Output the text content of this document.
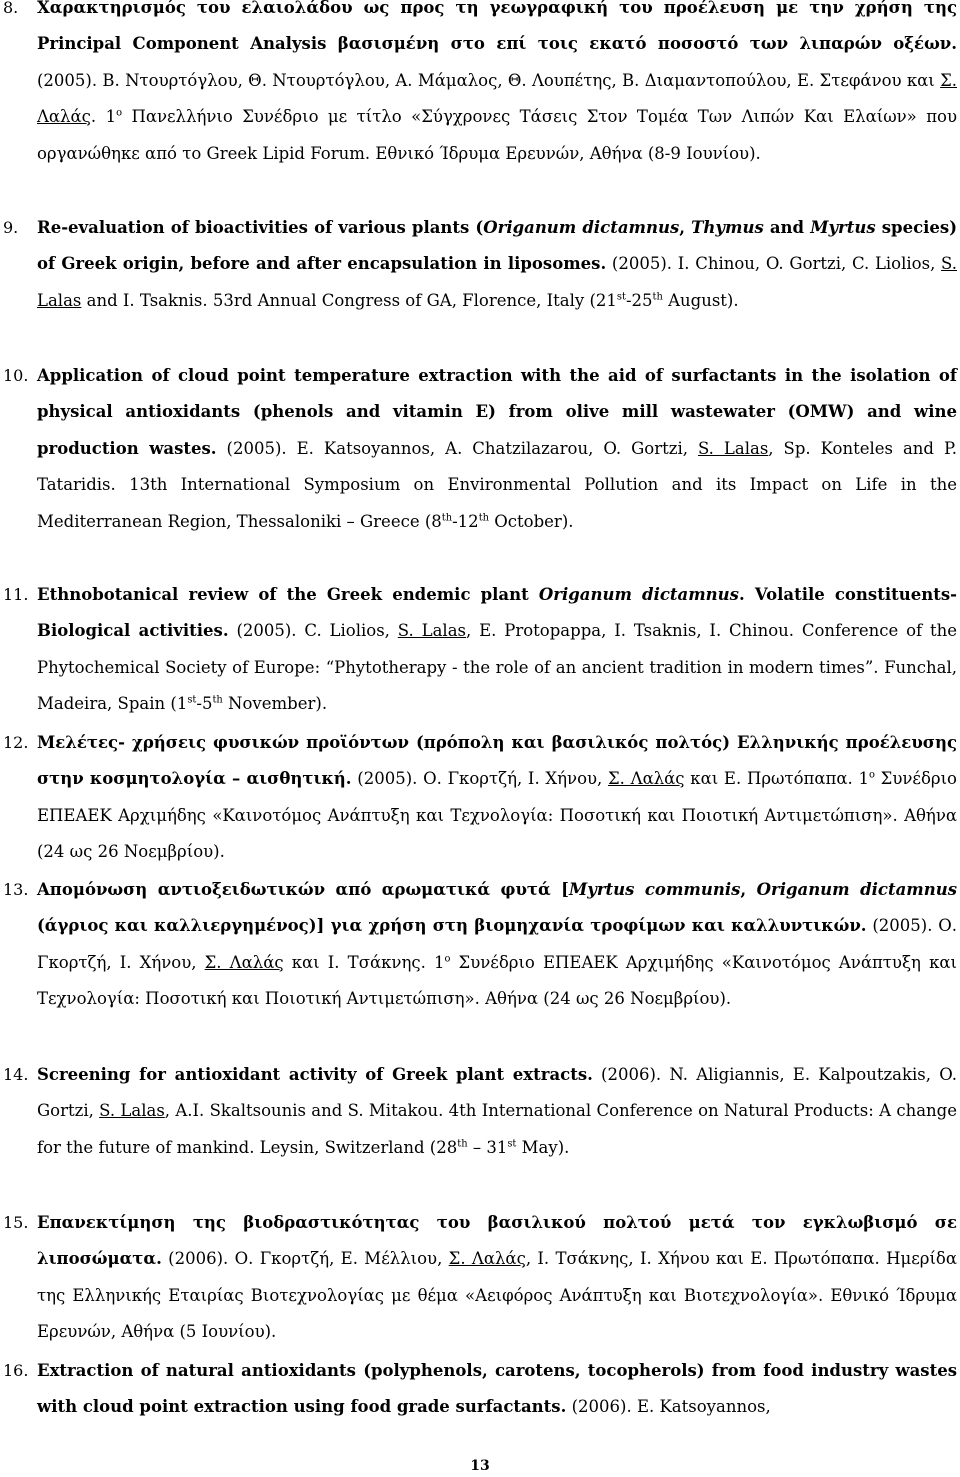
8. Χαρακτηρισμός του ελαιολάδου ως προς τη γεωγραφική του προέλευση με την χρήση της Principal Component Analysis βασισμένη στο επί τοις εκατό ποσοστό των λιπαρών οξέων. (2005). Β. Ντουρτόγλου, Θ. Ντουρτόγλου, Α. Μάμαλος, Θ. Λουπέτης, Β. Διαμαντοπούλου, Ε. Στεφάνου και Σ. Λαλάς. $1^o$ Πανελλήνιο Συνέδριο με τίτλο «Σύγχρονες Τάσεις Στον Τομέα Των Λιπών Και Ελαίων» που οργανώθηκε από το Greek Lipid Forum. Εθνικό Ίδρυμα Ερευνών, Αθήνα (8-9 Ιουνίου).
9. Re-evaluation of bioactivities of various plants (Origanum dictamnus, Thymus and Myrtus species) of Greek origin, before and after encapsulation in liposomes. (2005). I. Chinou, O. Gortzi, C. Liolios, S. Lalas and I. Tsaknis. 53rd Annual Congress of GA, Florence, Italy (21st-25th August).
10. Application of cloud point temperature extraction with the aid of surfactants in the isolation of physical antioxidants (phenols and vitamin E) from olive mill wastewater (OMW) and wine production wastes. (2005). E. Katsoyannos, A. Chatzilazarou, O. Gortzi, S. Lalas, Sp. Konteles and P. Tataridis. 13th International Symposium on Environmental Pollution and its Impact on Life in the Mediterranean Region, Thessaloniki – Greece (8th-12th October).
11. Ethnobotanical review of the Greek endemic plant Origanum dictamnus. Volatile constituents-Biological activities. (2005). C. Liolios, S. Lalas, E. Protopappa, I. Tsaknis, I. Chinou. Conference of the Phytochemical Society of Europe: “Phytotherapy - the role of an ancient tradition in modern times”. Funchal, Madeira, Spain (1st-5th November).
12. Μελέτες- χρήσεις φυσικών προϊόντων (πρόπολη και βασιλικός πολτός) Ελληνικής προέλευσης στην κοσμητολογία – αισθητική. (2005). Ο. Γκορτζή, Ι. Χήνου, Σ. Λαλάς και Ε. Πρωτόπαπα. $1^o$ Συνέδριο ΕΠΕΑΕΚ Αρχιμήδης «Καινοτόμος Ανάπτυξη και Τεχνολογία: Ποσοτική και Ποιοτική Αντιμετώπιση». Αθήνα (24 ως 26 Νοεμβρίου).
13. Απομόνωση αντιοξειδωτικών από αρωματικά φυτά [Myrtus communis, Origanum dictamnus (άγριος και καλλιεργημένος)] για χρήση στη βιομηχανία τροφίμων και καλλυντικών. (2005). Ο. Γκορτζή, Ι. Χήνου, Σ. Λαλάς και Ι. Τσάκνης. $1^o$ Συνέδριο ΕΠΕΑΕΚ Αρχιμήδης «Καινοτόμος Ανάπτυξη και Τεχνολογία: Ποσοτική και Ποιοτική Αντιμετώπιση». Αθήνα (24 ως 26 Νοεμβρίου).
14. Screening for antioxidant activity of Greek plant extracts. (2006). N. Aligiannis, E. Kalpoutzakis, O. Gortzi, S. Lalas, A.I. Skaltsounis and S. Mitakou. 4th International Conference on Natural Products: A change for the future of mankind. Leysin, Switzerland (28th – 31st May).
15. Επανεκτίμηση της βιοδραστικότητας του βασιλικού πολτού μετά τον εγκλωβισμό σε λιποσώματα. (2006). Ο. Γκορτζή, Ε. Μέλλιου, Σ. Λαλάς, Ι. Τσάκνης, Ι. Χήνου και Ε. Πρωτόπαπα. Ημερίδα της Ελληνικής Εταιρίας Βιοτεχνολογίας με θέμα «Αειφόρος Ανάπτυξη και Βιοτεχνολογία». Εθνικό Ίδρυμα Ερευνών, Αθήνα (5 Ιουνίου).
16. Extraction of natural antioxidants (polyphenols, carotens, tocopherols) from food industry wastes with cloud point extraction using food grade surfactants. (2006). E. Katsoyannos,
13
